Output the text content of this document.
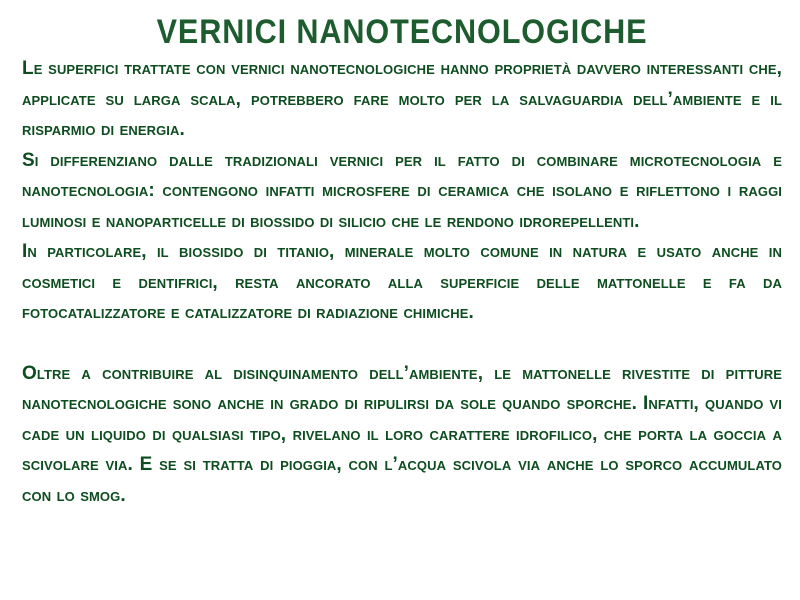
VERNICI NANOTECNOLOGICHE

Le superfici trattate con vernici nanotecnologiche hanno proprietà davvero interessanti che, applicate su larga scala, potrebbero fare molto per la salvaguardia dell’ambiente e il risparmio di energia.

Si differenziano dalle tradizionali vernici per il fatto di combinare microtecnologia e nanotecnologia: contengono infatti microsfere di ceramica che isolano e riflettono i raggi luminosi e nanoparticelle di biossido di silicio che le rendono idrorepellenti.

In particolare, il biossido di titanio, minerale molto comune in natura e usato anche in cosmetici e dentifrici, resta ancorato alla superficie delle mattonelle e fa da fotocatalizzatore e catalizzatore di radiazione chimiche.

Oltre a contribuire al disinquinamento dell’ambiente, le mattonelle rivestite di pitture nanotecnologiche sono anche in grado di ripulirsi da sole quando sporche. Infatti, quando vi cade un liquido di qualsiasi tipo, rivelano il loro carattere idrofilico, che porta la goccia a scivolare via. E se si tratta di pioggia, con l’acqua scivola via anche lo sporco accumulato con lo smog.
